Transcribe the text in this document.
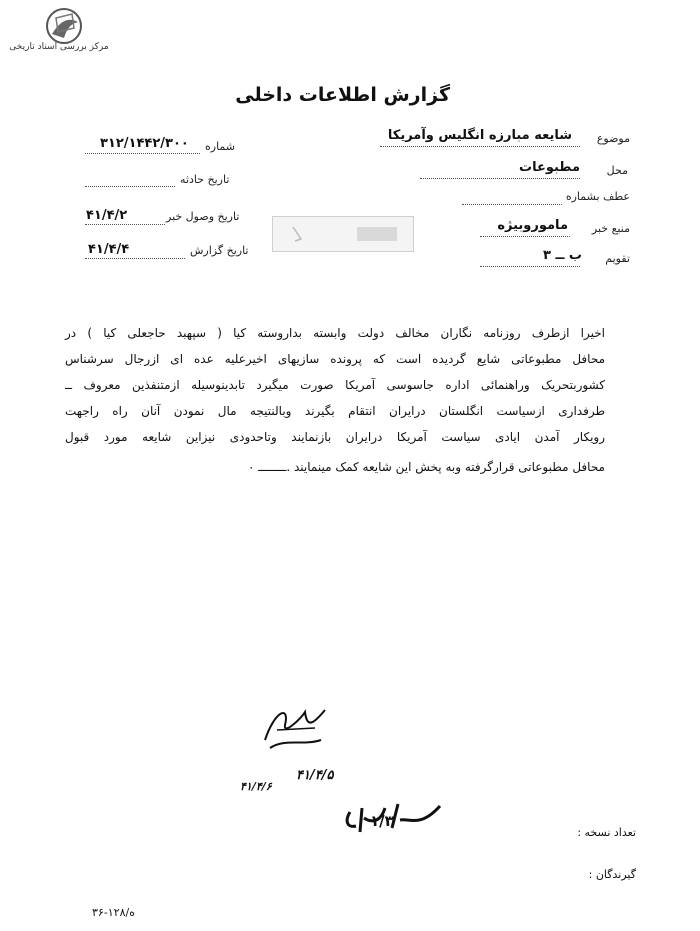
مرکز بررسی اسناد تاریخی
گزارش اطلاعات داخلی
موضوع
شایعه مبارزه انگلیس وآمریکا
محل
مطبوعات
عطف بشماره
منبع خبر
ماموروبیژه
تقویم
ب ــ ۳
شماره
۳۱۲/۱۴۴۲/۳۰۰
تاریخ حادثه
تاریخ وصول خبر
۴۱/۴/۲
تاریخ گزارش
۴۱/۴/۴
اخیرا ازطرف روزنامه نگاران مخالف دولت وابسته بداروسته کیا ( سپهبد حاجعلی کیا ) در
محافل مطبوعاتی شایع گردیده است که پرونده سازیهای اخیرعلیه عده ای ازرجال سرشناس
کشوربتحریک وراهنمائی اداره جاسوسی آمریکا صورت میگیرد تابدینوسیله ازمتنفذین معروف ــ
طرفداری ازسیاست انگلستان درایران انتقام بگیرند وبالنتیجه مال نمودن آنان راه راجهت
رویکار آمدن ایادی سیاست آمریکا درایران بازنمایند وتاحدودی نیزاین شایعه مورد قبول
محافل مطبوعاتی قرارگرفته وبه پخش این شایعه کمک مینمایند .ــــــــ ۰
۴۱/۴/۵
۴۱/۴/۶
۱/۳
تعداد نسخه :
گیرندگان :
۳۶-۱۲۸/ه
